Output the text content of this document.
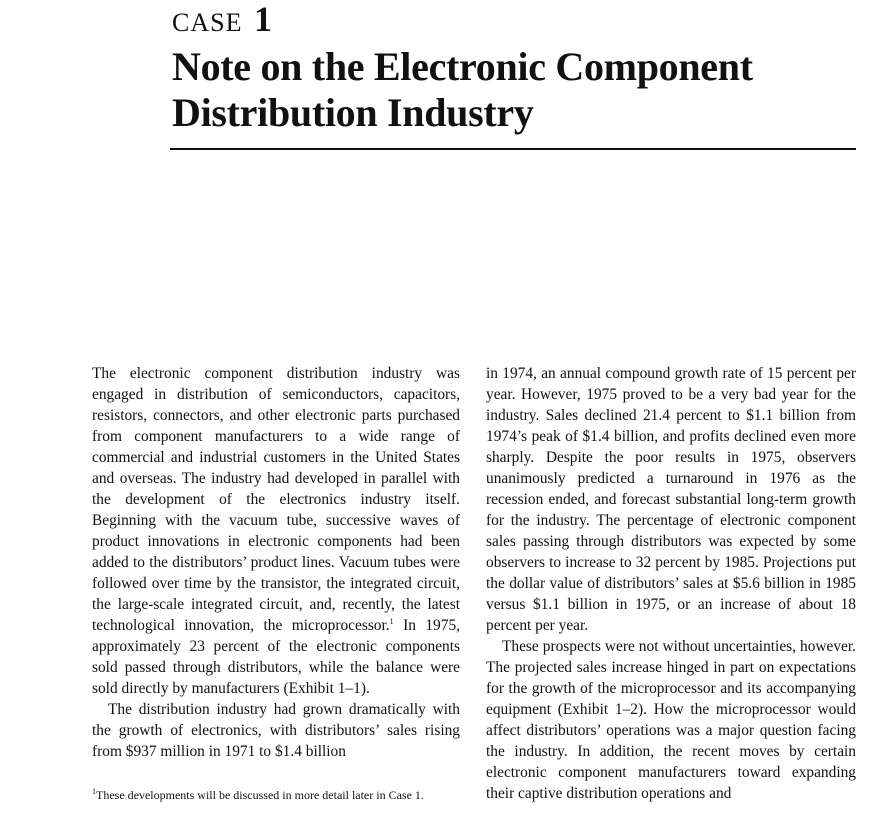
CASE 1
Note on the Electronic Component Distribution Industry

The electronic component distribution industry was engaged in distribution of semiconductors, capacitors, resistors, connectors, and other electronic parts purchased from component manufacturers to a wide range of commercial and industrial customers in the United States and overseas. The industry had developed in parallel with the development of the electronics industry itself. Beginning with the vacuum tube, successive waves of product innovations in electronic components had been added to the distributors’ product lines. Vacuum tubes were followed over time by the transistor, the integrated circuit, the large-scale integrated circuit, and, recently, the latest technological innovation, the microprocessor.$^1$ In 1975, approximately 23 percent of the electronic components sold passed through distributors, while the balance were sold directly by manufacturers (Exhibit 1–1).

The distribution industry had grown dramatically with the growth of electronics, with distributors’ sales rising from $937 million in 1971 to $1.4 billion

in 1974, an annual compound growth rate of 15 percent per year. However, 1975 proved to be a very bad year for the industry. Sales declined 21.4 percent to $1.1 billion from 1974’s peak of $1.4 billion, and profits declined even more sharply. Despite the poor results in 1975, observers unanimously predicted a turnaround in 1976 as the recession ended, and forecast substantial long-term growth for the industry. The percentage of electronic component sales passing through distributors was expected by some observers to increase to 32 percent by 1985. Projections put the dollar value of distributors’ sales at $5.6 billion in 1985 versus $1.1 billion in 1975, or an increase of about 18 percent per year.

These prospects were not without uncertainties, however. The projected sales increase hinged in part on expectations for the growth of the microprocessor and its accompanying equipment (Exhibit 1–2). How the microprocessor would affect distributors’ operations was a major question facing the industry. In addition, the recent moves by certain electronic component manufacturers toward expanding their captive distribution operations and

$^1$These developments will be discussed in more detail later in Case 1.
